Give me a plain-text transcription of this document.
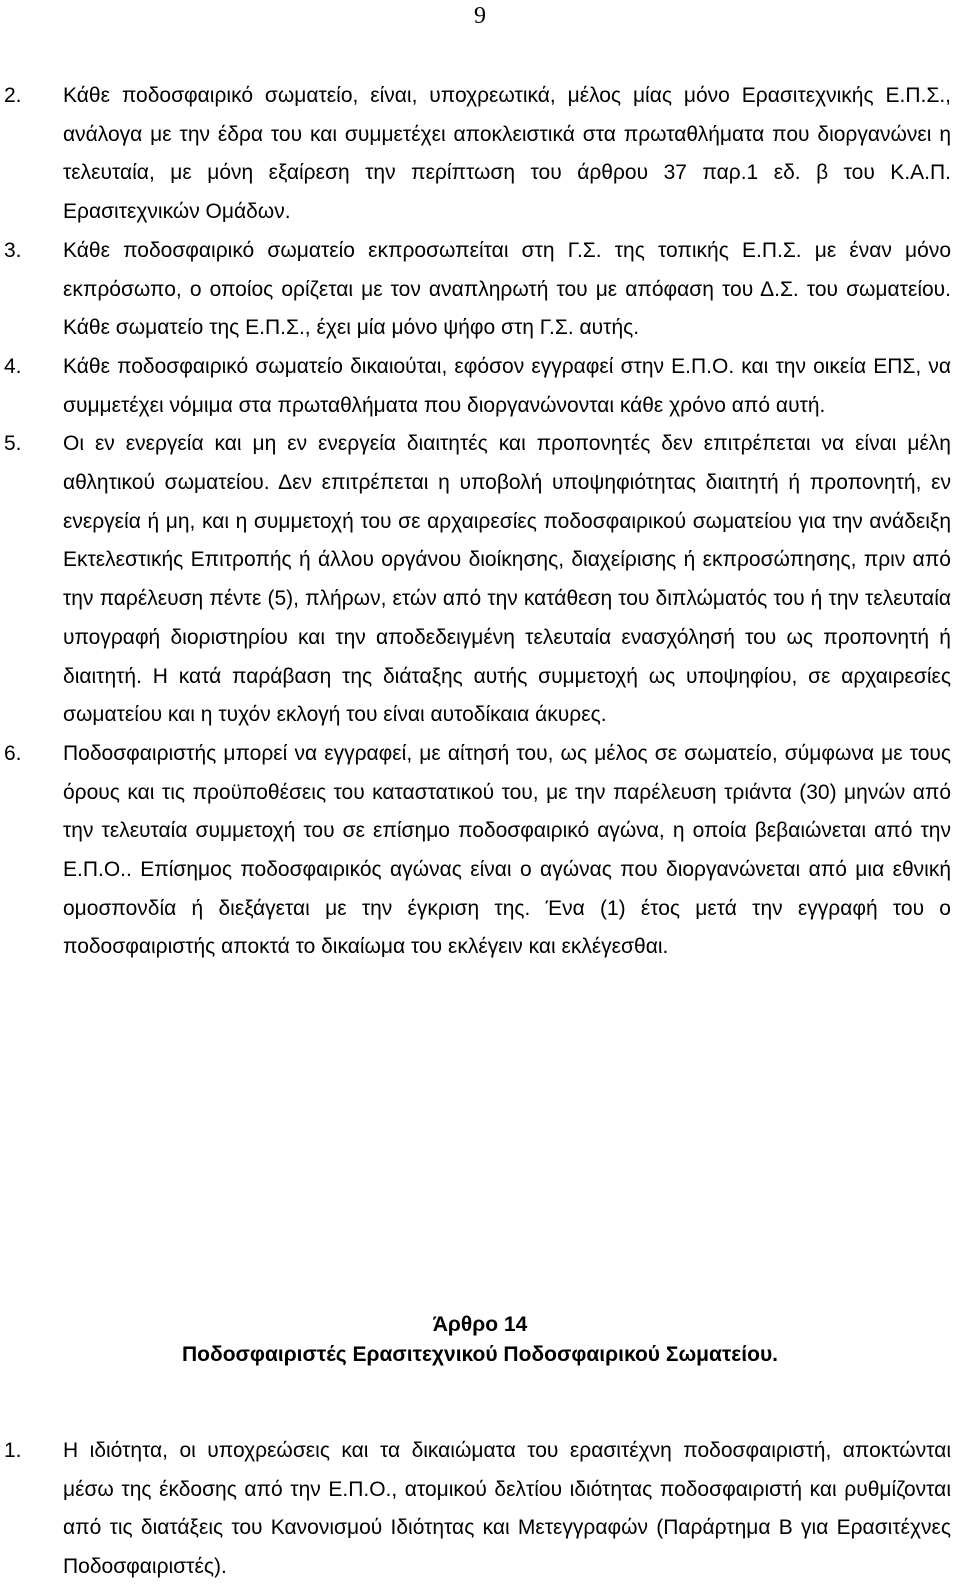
9
2. Κάθε ποδοσφαιρικό σωματείο, είναι, υποχρεωτικά, μέλος μίας μόνο Ερασιτεχνικής Ε.Π.Σ., ανάλογα με την έδρα του και συμμετέχει αποκλειστικά στα πρωταθλήματα που διοργανώνει η τελευταία, με μόνη εξαίρεση την περίπτωση του άρθρου 37 παρ.1 εδ. β του Κ.Α.Π. Ερασιτεχνικών Ομάδων.
3. Κάθε ποδοσφαιρικό σωματείο εκπροσωπείται στη Γ.Σ. της τοπικής Ε.Π.Σ. με έναν μόνο εκπρόσωπο, ο οποίος ορίζεται με τον αναπληρωτή του με απόφαση του Δ.Σ. του σωματείου. Κάθε σωματείο της Ε.Π.Σ., έχει μία μόνο ψήφο στη Γ.Σ. αυτής.
4. Κάθε ποδοσφαιρικό σωματείο δικαιούται, εφόσον εγγραφεί στην Ε.Π.Ο. και την οικεία ΕΠΣ, να συμμετέχει νόμιμα στα πρωταθλήματα που διοργανώνονται κάθε χρόνο από αυτή.
5. Οι εν ενεργεία και μη εν ενεργεία διαιτητές και προπονητές δεν επιτρέπεται να είναι μέλη αθλητικού σωματείου. Δεν επιτρέπεται η υποβολή υποψηφιότητας διαιτητή ή προπονητή, εν ενεργεία ή μη, και η συμμετοχή του σε αρχαιρεσίες ποδοσφαιρικού σωματείου για την ανάδειξη Εκτελεστικής Επιτροπής ή άλλου οργάνου διοίκησης, διαχείρισης ή εκπροσώπησης, πριν από την παρέλευση πέντε (5), πλήρων, ετών από την κατάθεση του διπλώματός του ή την τελευταία υπογραφή διοριστηρίου και την αποδεδειγμένη τελευταία ενασχόλησή του ως προπονητή ή διαιτητή. Η κατά παράβαση της διάταξης αυτής συμμετοχή ως υποψηφίου, σε αρχαιρεσίες σωματείου και η τυχόν εκλογή του είναι αυτοδίκαια άκυρες.
6. Ποδοσφαιριστής μπορεί να εγγραφεί, με αίτησή του, ως μέλος σε σωματείο, σύμφωνα με τους όρους και τις προϋποθέσεις του καταστατικού του, με την παρέλευση τριάντα (30) μηνών από την τελευταία συμμετοχή του σε επίσημο ποδοσφαιρικό αγώνα, η οποία βεβαιώνεται από την Ε.Π.Ο.. Επίσημος ποδοσφαιρικός αγώνας είναι ο αγώνας που διοργανώνεται από μια εθνική ομοσπονδία ή διεξάγεται με την έγκριση της. Ένα (1) έτος μετά την εγγραφή του ο ποδοσφαιριστής αποκτά το δικαίωμα του εκλέγειν και εκλέγεσθαι.
Άρθρο 14
Ποδοσφαιριστές Ερασιτεχνικού Ποδοσφαιρικού Σωματείου.
1. Η ιδιότητα, οι υποχρεώσεις και τα δικαιώματα του ερασιτέχνη ποδοσφαιριστή, αποκτώνται μέσω της έκδοσης από την Ε.Π.Ο., ατομικού δελτίου ιδιότητας ποδοσφαιριστή και ρυθμίζονται από τις διατάξεις του Κανονισμού Ιδιότητας και Μετεγγραφών (Παράρτημα Β για Ερασιτέχνες Ποδοσφαιριστές).
